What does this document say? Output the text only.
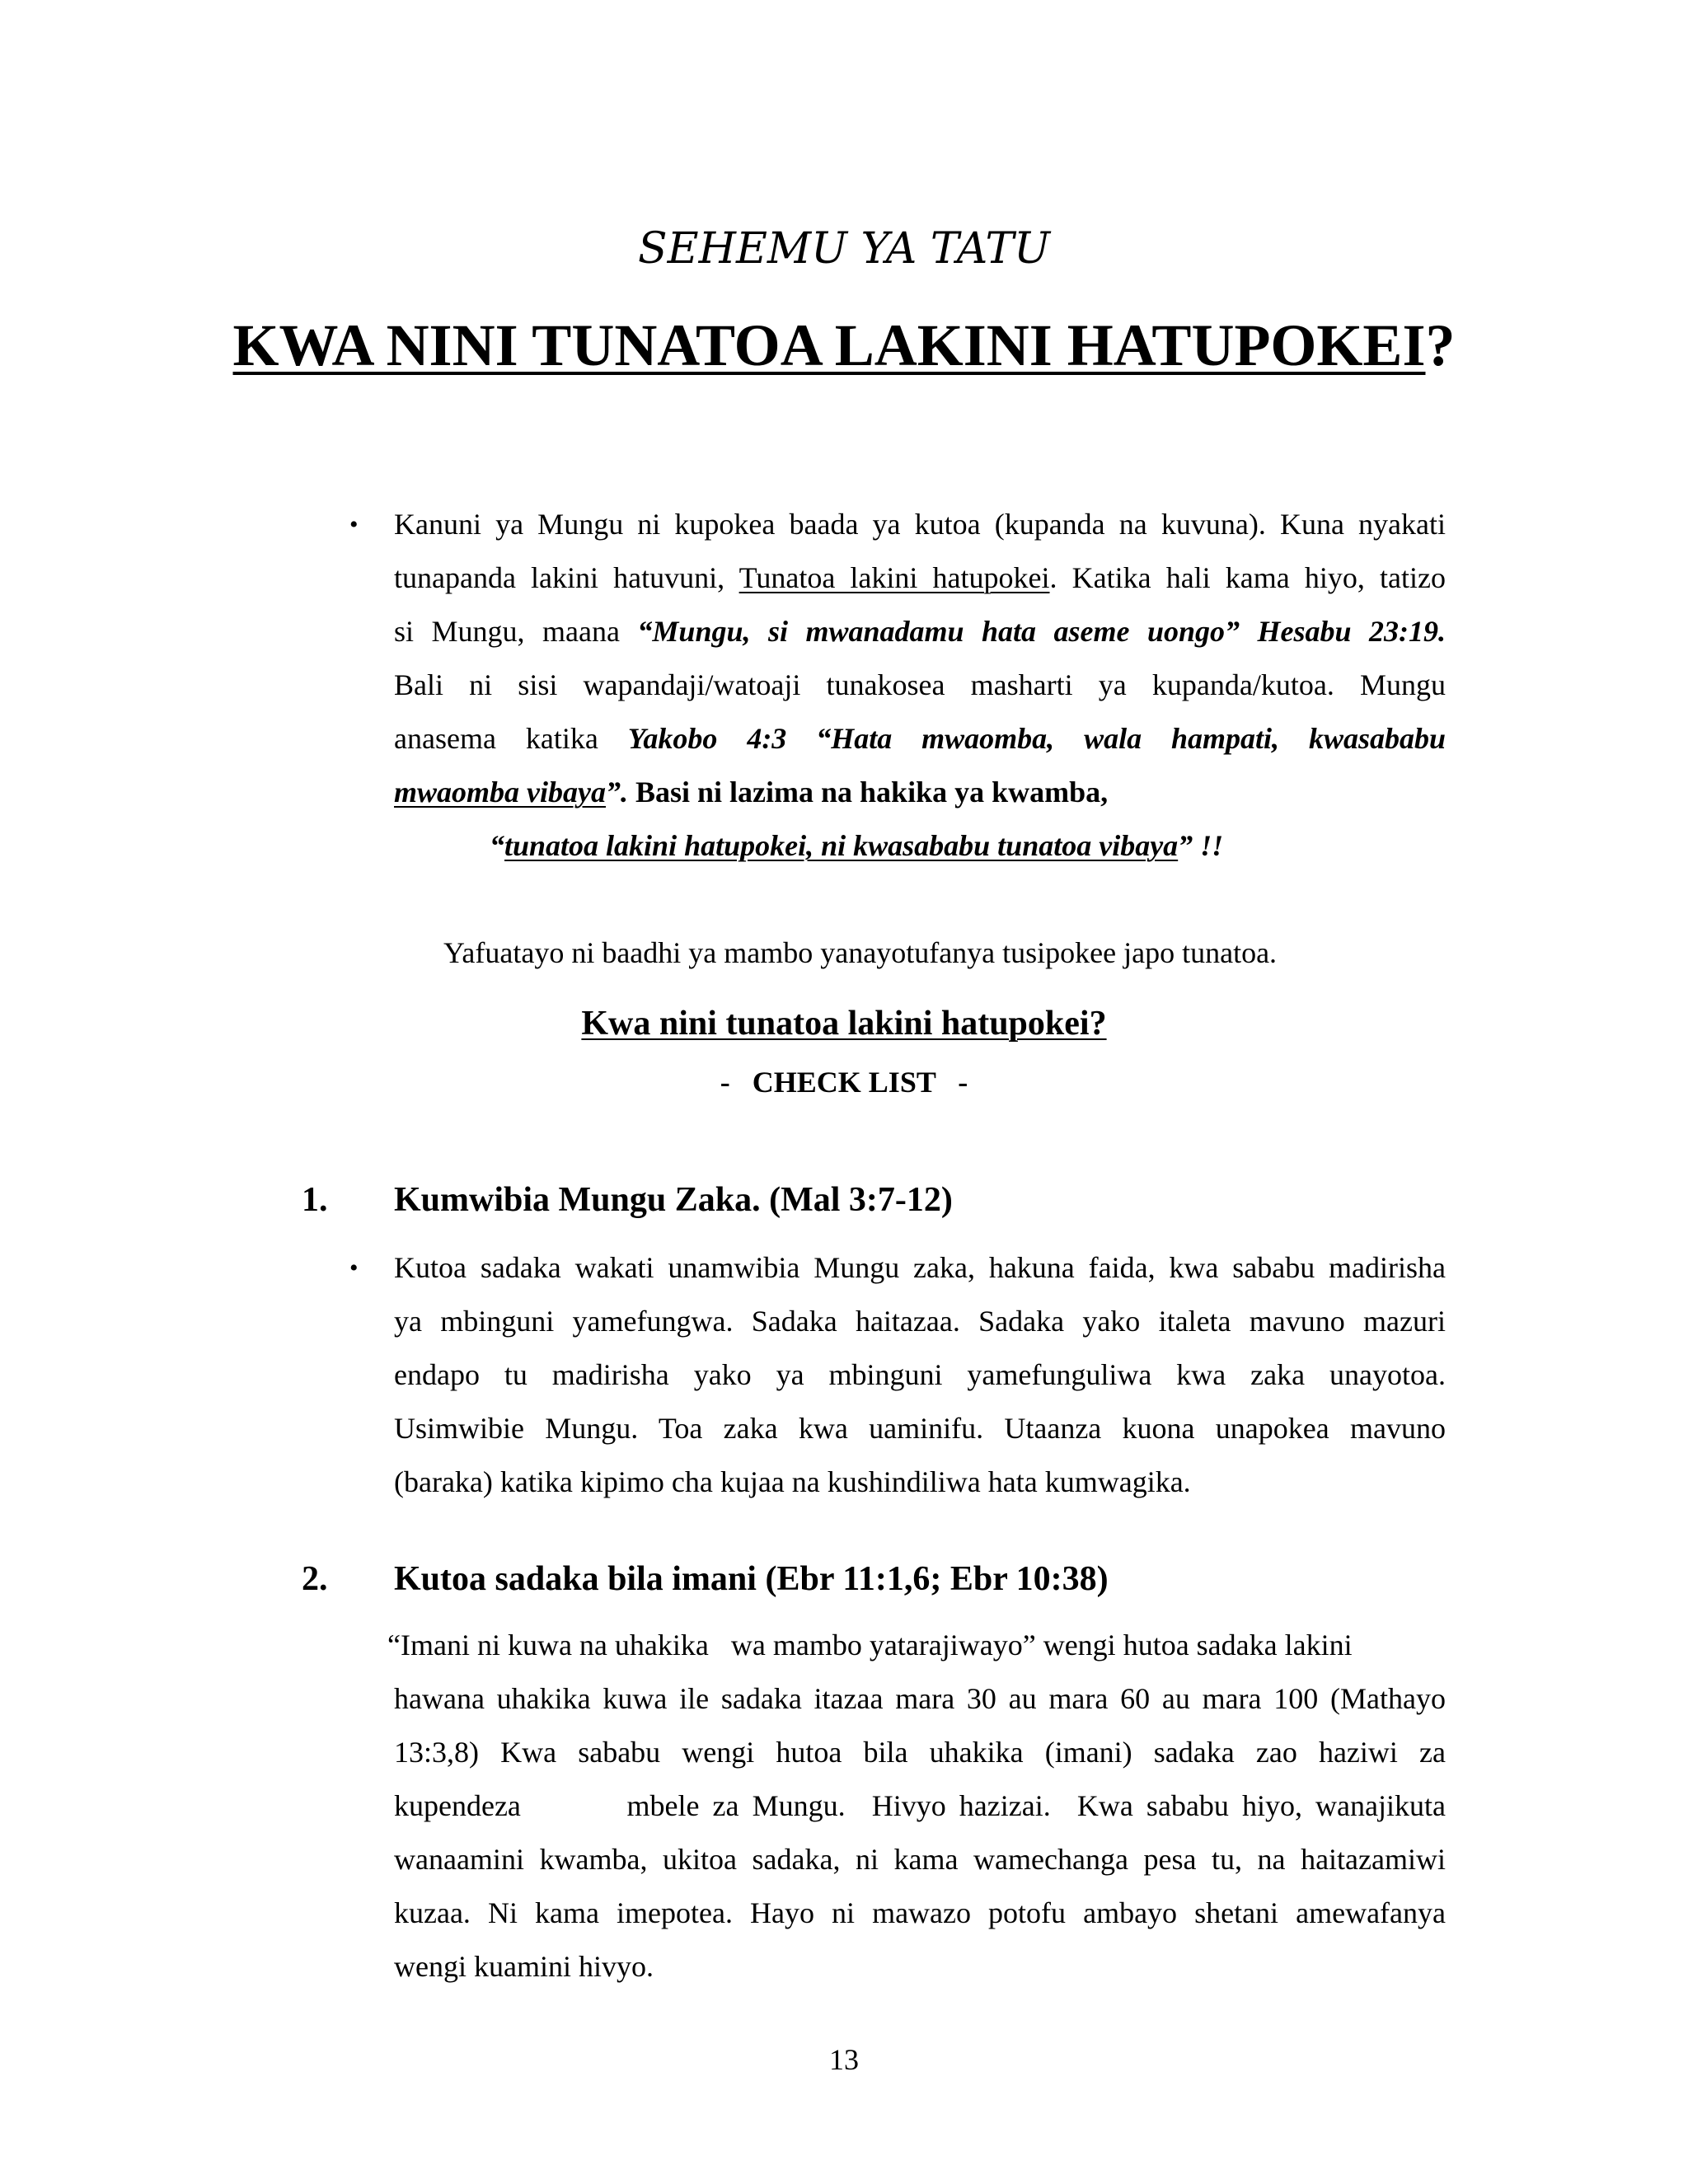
SEHEMU YA TATU
KWA NINI TUNATOA LAKINI HATUPOKEI?
• Kanuni ya Mungu ni kupokea baada ya kutoa (kupanda na kuvuna). Kuna nyakati
tunapanda lakini hatuvuni, Tunatoa lakini hatupokei. Katika hali kama hiyo, tatizo
si Mungu, maana “Mungu, si mwanadamu hata aseme uongo” Hesabu 23:19.
Bali ni sisi wapandaji/watoaji tunakosea masharti ya kupanda/kutoa. Mungu
anasema katika Yakobo 4:3 “Hata mwaomba, wala hampati, kwasababu
mwaomba vibaya”. Basi ni lazima na hakika ya kwamba,
“tunatoa lakini hatupokei, ni kwasababu tunatoa vibaya” !!
Yafuatayo ni baadhi ya mambo yanayotufanya tusipokee japo tunatoa.
Kwa nini tunatoa lakini hatupokei?
-   CHECK LIST   -
1. Kumwibia Mungu Zaka. (Mal 3:7-12)
• Kutoa sadaka wakati unamwibia Mungu zaka, hakuna faida, kwa sababu madirisha
ya mbinguni yamefungwa. Sadaka haitazaa. Sadaka yako italeta mavuno mazuri
endapo tu madirisha yako ya mbinguni yamefunguliwa kwa zaka unayotoa.
Usimwibie Mungu. Toa zaka kwa uaminifu. Utaanza kuona unapokea mavuno
(baraka) katika kipimo cha kujaa na kushindiliwa hata kumwagika.
2. Kutoa sadaka bila imani (Ebr 11:1,6; Ebr 10:38)
“Imani ni kuwa na uhakika   wa mambo yatarajiwayo” wengi hutoa sadaka lakini
hawana uhakika kuwa ile sadaka itazaa mara 30 au mara 60 au mara 100 (Mathayo
13:3,8) Kwa sababu wengi hutoa bila uhakika (imani) sadaka zao haziwi za
kupendeza        mbele za Mungu.  Hivyo hazizai.  Kwa sababu hiyo, wanajikuta
wanaamini kwamba, ukitoa sadaka, ni kama wamechanga pesa tu, na haitazamiwi
kuzaa. Ni kama imepotea. Hayo ni mawazo potofu ambayo shetani amewafanya
wengi kuamini hivyo.
13
